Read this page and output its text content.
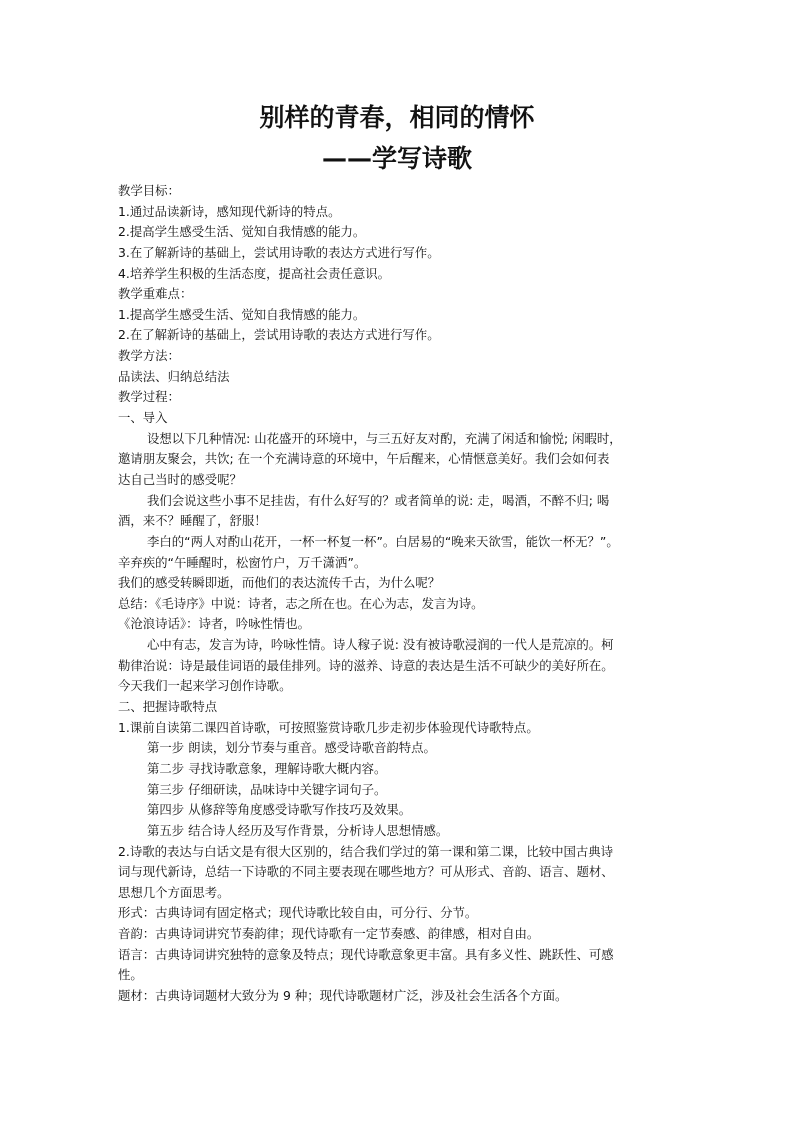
别样的青春，相同的情怀
——学写诗歌
教学目标：
1.通过品读新诗，感知现代新诗的特点。
2.提高学生感受生活、觉知自我情感的能力。
3.在了解新诗的基础上，尝试用诗歌的表达方式进行写作。
4.培养学生积极的生活态度，提高社会责任意识。
教学重难点：
1.提高学生感受生活、觉知自我情感的能力。
2.在了解新诗的基础上，尝试用诗歌的表达方式进行写作。
教学方法：
品读法、归纳总结法
教学过程：
一、导入
设想以下几种情况: 山花盛开的环境中，与三五好友对酌，充满了闲适和愉悦; 闲暇时，
邀请朋友聚会，共饮; 在一个充满诗意的环境中，午后醒来，心情惬意美好。我们会如何表
达自己当时的感受呢？
我们会说这些小事不足挂齿，有什么好写的？或者简单的说: 走，喝酒，不醉不归; 喝
酒，来不？睡醒了，舒服！
李白的“两人对酌山花开，一杯一杯复一杯”。白居易的“晚来天欲雪，能饮一杯无？”。
辛弃疾的“午睡醒时，松窗竹户，万千潇洒”。
我们的感受转瞬即逝，而他们的表达流传千古，为什么呢？
总结：《毛诗序》中说：诗者，志之所在也。在心为志，发言为诗。
《沧浪诗话》：诗者，吟咏性情也。
心中有志，发言为诗，吟咏性情。诗人稼子说: 没有被诗歌浸润的一代人是荒凉的。柯
勒律治说：诗是最佳词语的最佳排列。诗的滋养、诗意的表达是生活不可缺少的美好所在。
今天我们一起来学习创作诗歌。
二、把握诗歌特点
1.课前自读第二课四首诗歌，可按照鉴赏诗歌几步走初步体验现代诗歌特点。
第一步 朗读，划分节奏与重音。感受诗歌音韵特点。
第二步 寻找诗歌意象，理解诗歌大概内容。
第三步 仔细研读，品味诗中关键字词句子。
第四步 从修辞等角度感受诗歌写作技巧及效果。
第五步 结合诗人经历及写作背景，分析诗人思想情感。
2.诗歌的表达与白话文是有很大区别的，结合我们学过的第一课和第二课，比较中国古典诗
词与现代新诗，总结一下诗歌的不同主要表现在哪些地方？可从形式、音韵、语言、题材、
思想几个方面思考。
形式：古典诗词有固定格式；现代诗歌比较自由，可分行、分节。
音韵：古典诗词讲究节奏韵律；现代诗歌有一定节奏感、韵律感，相对自由。
语言：古典诗词讲究独特的意象及特点；现代诗歌意象更丰富。具有多义性、跳跃性、可感
性。
题材：古典诗词题材大致分为 9 种；现代诗歌题材广泛，涉及社会生活各个方面。
